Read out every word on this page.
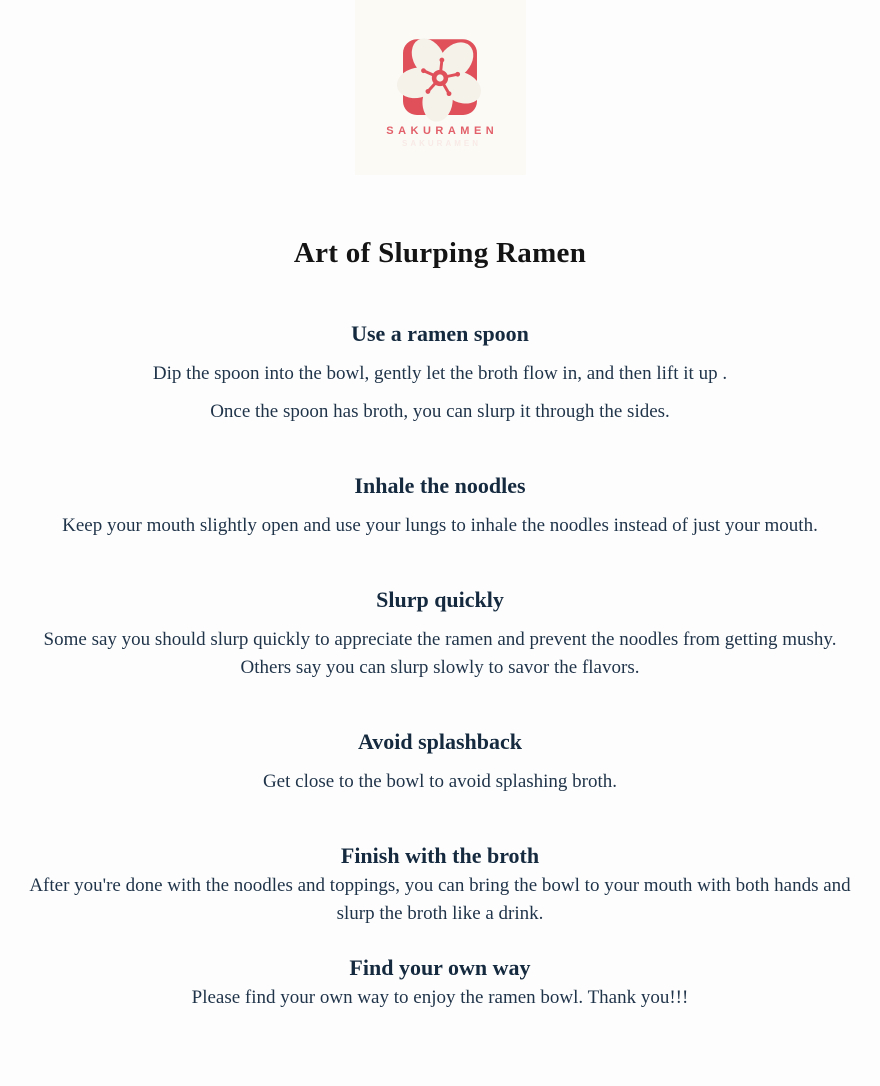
SAKURAMEN
SAKURAMEN
Art of Slurping Ramen
Use a ramen spoon

Dip the spoon into the bowl, gently let the broth flow in, and then lift it up .

Once the spoon has broth, you can slurp it through the sides.

Inhale the noodles

Keep your mouth slightly open and use your lungs to inhale the noodles instead of just your mouth.

Slurp quickly

Some say you should slurp quickly to appreciate the ramen and prevent the noodles from getting mushy. Others say you can slurp slowly to savor the flavors.

Avoid splashback

Get close to the bowl to avoid splashing broth.

Finish with the broth

After you're done with the noodles and toppings, you can bring the bowl to your mouth with both hands and slurp the broth like a drink.

Find your own way

Please find your own way to enjoy the ramen bowl. Thank you!!!
